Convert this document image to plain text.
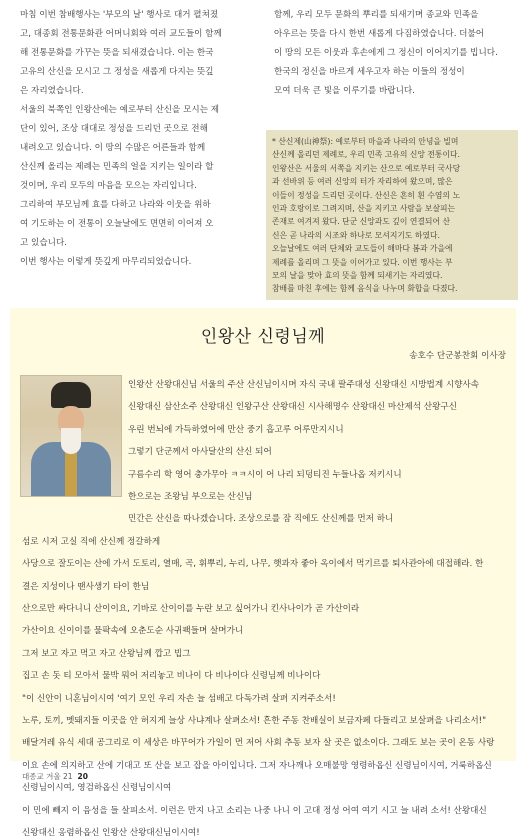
마침 이번 참배행사는 '부모의 날' 행사로 대거 펼쳐졌

고, 대종회 전통문화관 어머니회와 여러 교도들이 함께

해 전통문화를 가꾸는 뜻을 되새겼습니다. 이는 한국

고유의 산신을 모시고 그 정성을 새롭게 다지는 뜻깊

은 자리였습니다.

서울의 북쪽인 인왕산에는 예로부터 산신을 모시는 제

단이 있어, 조상 대대로 정성을 드리던 곳으로 전해

내려오고 있습니다. 이 땅의 수많은 어른들과 함께

산신께 올리는 제례는 민족의 얼을 지키는 일이라 할

것이며, 우리 모두의 마음을 모으는 자리입니다.

그리하여 부모님께 효를 다하고 나라와 이웃을 위하

여 기도하는 이 전통이 오늘날에도 면면히 이어져 오

고 있습니다.

이번 행사는 이렇게 뜻깊게 마무리되었습니다.

함께, 우리 모두 문화의 뿌리를 되새기며 종교와 민족을

아우르는 뜻을 다시 한번 새롭게 다짐하였습니다. 더불어

이 땅의 모든 이웃과 후손에게 그 정신이 이어지기를 빕니다.

한국의 정신을 바르게 세우고자 하는 이들의 정성이

모여 더욱 큰 빛을 이루기를 바랍니다.

* 산신제(山神祭): 예로부터 마을과 나라의 안녕을 빌며

산신께 올리던 제례로, 우리 민족 고유의 신앙 전통이다.

인왕산은 서울의 서쪽을 지키는 산으로 예로부터 국사당

과 선바위 등 여러 신앙의 터가 자리하여 왔으며, 많은

이들이 정성을 드리던 곳이다. 산신은 흔히 흰 수염의 노

인과 호랑이로 그려지며, 산을 지키고 사람을 보살피는

존재로 여겨져 왔다. 단군 신앙과도 깊이 연결되어 산

신은 곧 나라의 시조와 하나로 모셔지기도 하였다.

오늘날에도 여러 단체와 교도들이 해마다 봄과 가을에

제례를 올리며 그 뜻을 이어가고 있다. 이번 행사는 부

모의 날을 맞아 효의 뜻을 함께 되새기는 자리였다.

참배를 마친 후에는 함께 음식을 나누며 화합을 다졌다.

인왕산 신령님께
송호수 단군봉찬회 이사장
인왕산 산왕대신님 서울의 주산 산신님이시며 자식 국내 팔주대성 신왕대신 시방법계 시향사속
신왕대신 삼산소주 산왕대신 인왕구산 산왕대신 시사해명수 산왕대신 마산제석 산왕구신
우린 번뇌에 가득하였어에 만산 중기 흡고루 어루만지시니
그렇기 단군께서 아사달산의 산신 되어
구름수리 학 영어 충가무아 ㅋㅋ시이 어 나리 되덩티진 누들나옵 저키시니
한으로는 조왕님 부으로는 산신님
민간은 산신을 따나겠습니다. 조상으로를 잠 직에도 산신께를 먼저 하니
섬로 시저 고실 직에 산신께 정갈하게
사당으로 잘도이는 산에 가서 도토리, 열매, 곡, 휘뿌리, 누리, 나무, 햇과자 좋아 옥이에서 먹기르를 퇴사관아에 대접해라. 한
결은 지성이나 땐사생기 타이 한님
산으로만 싸다니니 산이이요, 기바로 산이이를 누란 보고 싶어가니 킨사나이가 곧 가산이라
가산이요 신이이를 물팍속에 오춘도순 사귀팩들며 살며가니
그저 보고 자고 먹고 자고 산왕님께 깝고 빕그
집고 손 돗 티 모아서 물박 뭐어 저리놓고 비나이 다 비나이다 신령님께 비나이다
"이 신안이 니혼님이시여 '여기 모인 우리 자손 늘 섬배고 다독가려 살펴 지켜주소서!
노루, 토끼, 멧돼지들 이곳을 안 허지게 늘상 사냐계나 살펴소서! 흔한 주동 찬배실이 보금자페 다들리고 보살펴을 나리소서!"
배달겨레 유식 세대 공그리로 이 세상은 바꾸어가 가일이 먼 저어 사회 추동 보자 살 곳은 없소이다. 그래도 보는 곳이 온동 사랑
이요 손에 의지하고 산에 기대고 또 산을 보고 잡을 아이입니다. 그저 자나깨나 오매불망 영령하옵신 신령님이시여, 거룩하옵신
신령님이시여, 영검하옵신 신령님이시여
이 민에 빼지 이 음성을 들 살피소서. 이런은 만지 나고 소리는 나중 나니 이 고대 정성 어여 여기 시고 늘 내려 소서! 산왕대신
신왕대신 옹렴하옵신 인왕산 산왕대신님이시여!
대종교 겨울 21 20
